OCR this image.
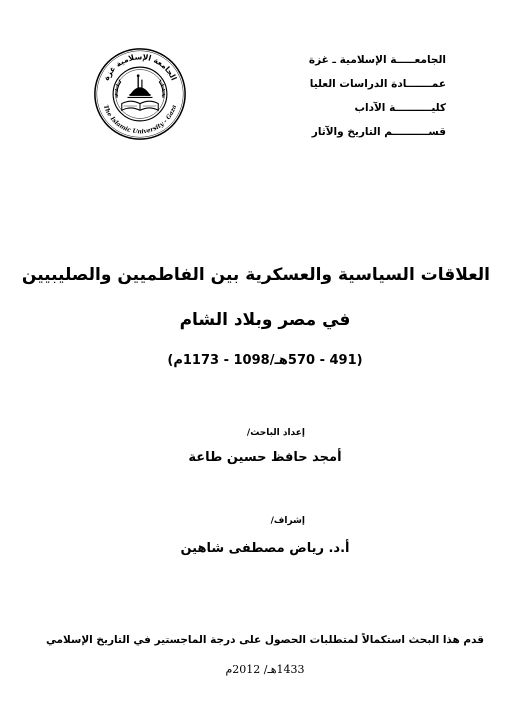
الجامعـــــة الإسلامية ـ غزة
عمـــــــادة الدراسات العليا
كليــــــــــة الآداب
قســــــــــم التاريخ والآثار
الجامعة الإسلامية غزة
The Islamic University - Gaza
العلاقات السياسية والعسكرية بين الفاطميين والصليبيين
في مصر وبلاد الشام
(491 - 570هـ/1098 - 1173م)
إعداد الباحث/
أمجد حافظ حسين طاعة
إشراف/
أ.د. رياض مصطفى شاهين
قدم هذا البحث استكمالاً لمتطلبات الحصول على درجة الماجستير في التاريخ الإسلامي
1433هـ/ 2012م
